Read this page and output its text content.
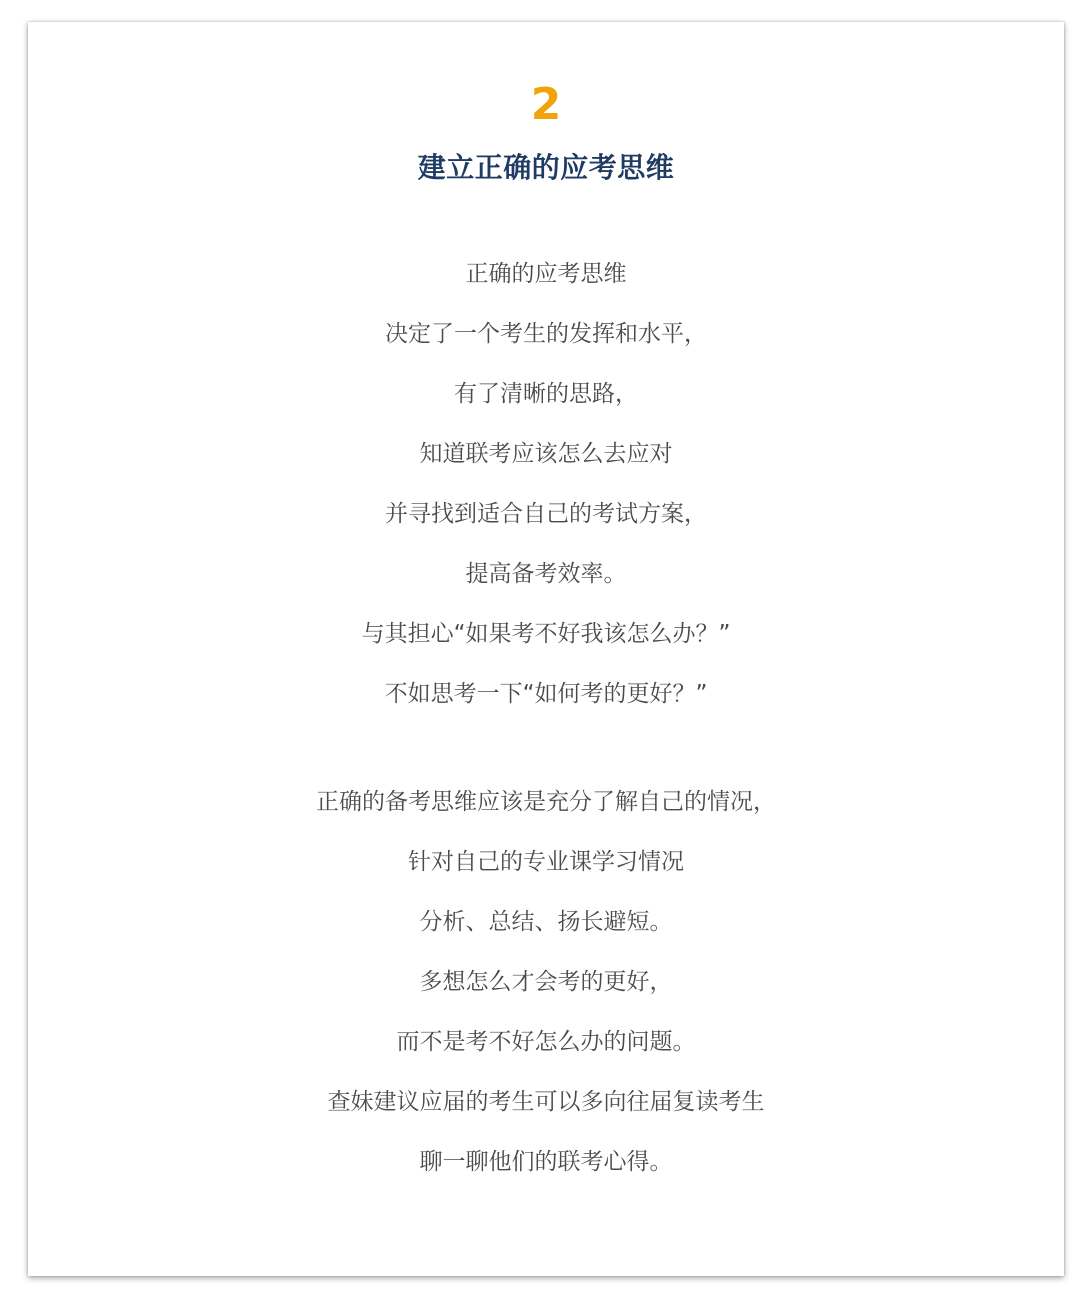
2
建立正确的应考思维

正确的应考思维
决定了一个考生的发挥和水平，
有了清晰的思路，
知道联考应该怎么去应对
并寻找到适合自己的考试方案，
提高备考效率。
与其担心“如果考不好我该怎么办？”
不如思考一下“如何考的更好？”

正确的备考思维应该是充分了解自己的情况，
针对自己的专业课学习情况
分析、总结、扬长避短。
多想怎么才会考的更好，
而不是考不好怎么办的问题。
查妹建议应届的考生可以多向往届复读考生
聊一聊他们的联考心得。
